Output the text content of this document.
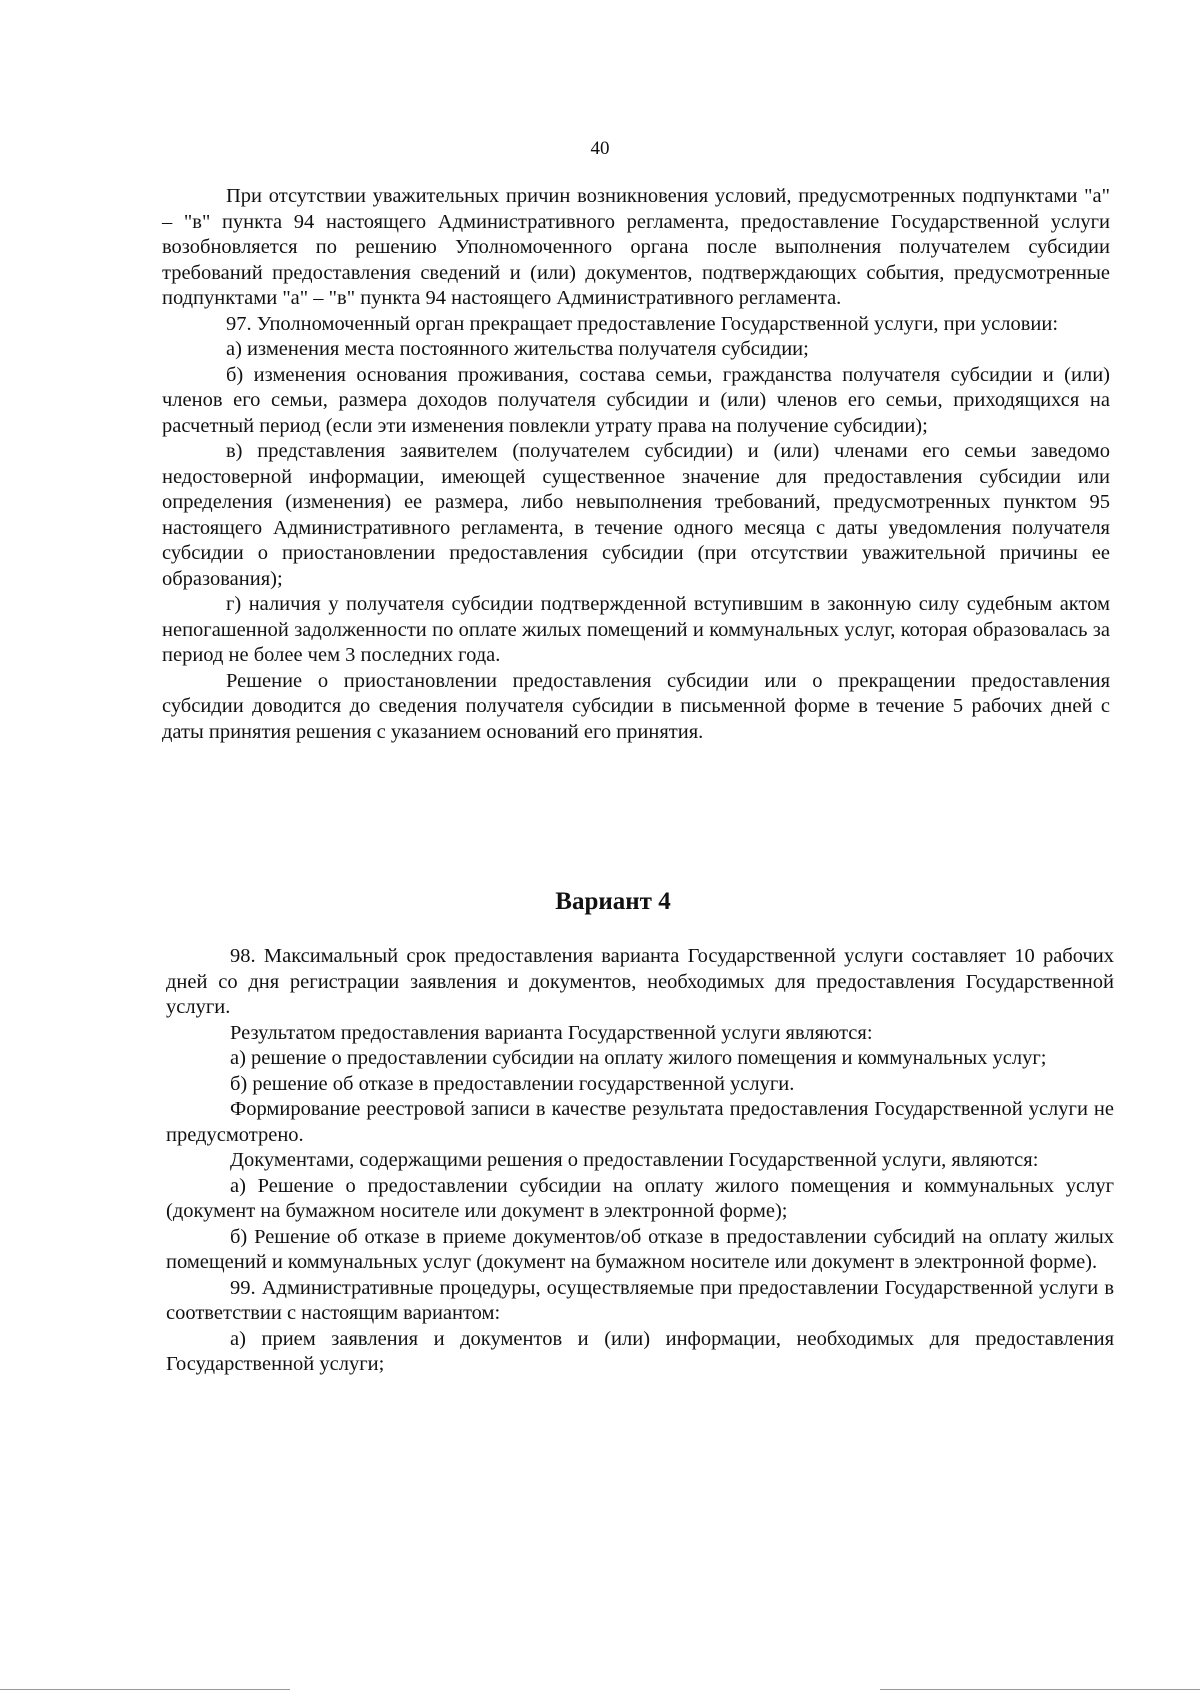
40

При отсутствии уважительных причин возникновения условий, предусмотренных подпунктами "а" – "в" пункта 94 настоящего Административного регламента, предоставление Государственной услуги возобновляется по решению Уполномоченного органа после выполнения получателем субсидии требований предоставления сведений и (или) документов, подтверждающих события, предусмотренные подпунктами "а" – "в" пункта 94 настоящего Административного регламента.

97. Уполномоченный орган прекращает предоставление Государственной услуги, при условии:

а) изменения места постоянного жительства получателя субсидии;

б) изменения основания проживания, состава семьи, гражданства получателя субсидии и (или) членов его семьи, размера доходов получателя субсидии и (или) членов его семьи, приходящихся на расчетный период (если эти изменения повлекли утрату права на получение субсидии);

в) представления заявителем (получателем субсидии) и (или) членами его семьи заведомо недостоверной информации, имеющей существенное значение для предоставления субсидии или определения (изменения) ее размера, либо невыполнения требований, предусмотренных пунктом 95 настоящего Административного регламента, в течение одного месяца с даты уведомления получателя субсидии о приостановлении предоставления субсидии (при отсутствии уважительной причины ее образования);

г) наличия у получателя субсидии подтвержденной вступившим в законную силу судебным актом непогашенной задолженности по оплате жилых помещений и коммунальных услуг, которая образовалась за период не более чем 3 последних года.

Решение о приостановлении предоставления субсидии или о прекращении предоставления субсидии доводится до сведения получателя субсидии в письменной форме в течение 5 рабочих дней с даты принятия решения с указанием оснований его принятия.

Вариант 4

98. Максимальный срок предоставления варианта Государственной услуги составляет 10 рабочих дней со дня регистрации заявления и документов, необходимых для предоставления Государственной услуги.

Результатом предоставления варианта Государственной услуги являются:

а) решение о предоставлении субсидии на оплату жилого помещения и коммунальных услуг;

б) решение об отказе в предоставлении государственной услуги.

Формирование реестровой записи в качестве результата предоставления Государственной услуги не предусмотрено.

Документами, содержащими решения о предоставлении Государственной услуги, являются:

а) Решение о предоставлении субсидии на оплату жилого помещения и коммунальных услуг (документ на бумажном носителе или документ в электронной форме);

б) Решение об отказе в приеме документов/об отказе в предоставлении субсидий на оплату жилых помещений и коммунальных услуг (документ на бумажном носителе или документ в электронной форме).

99. Административные процедуры, осуществляемые при предоставлении Государственной услуги в соответствии с настоящим вариантом:

а) прием заявления и документов и (или) информации, необходимых для предоставления Государственной услуги;
